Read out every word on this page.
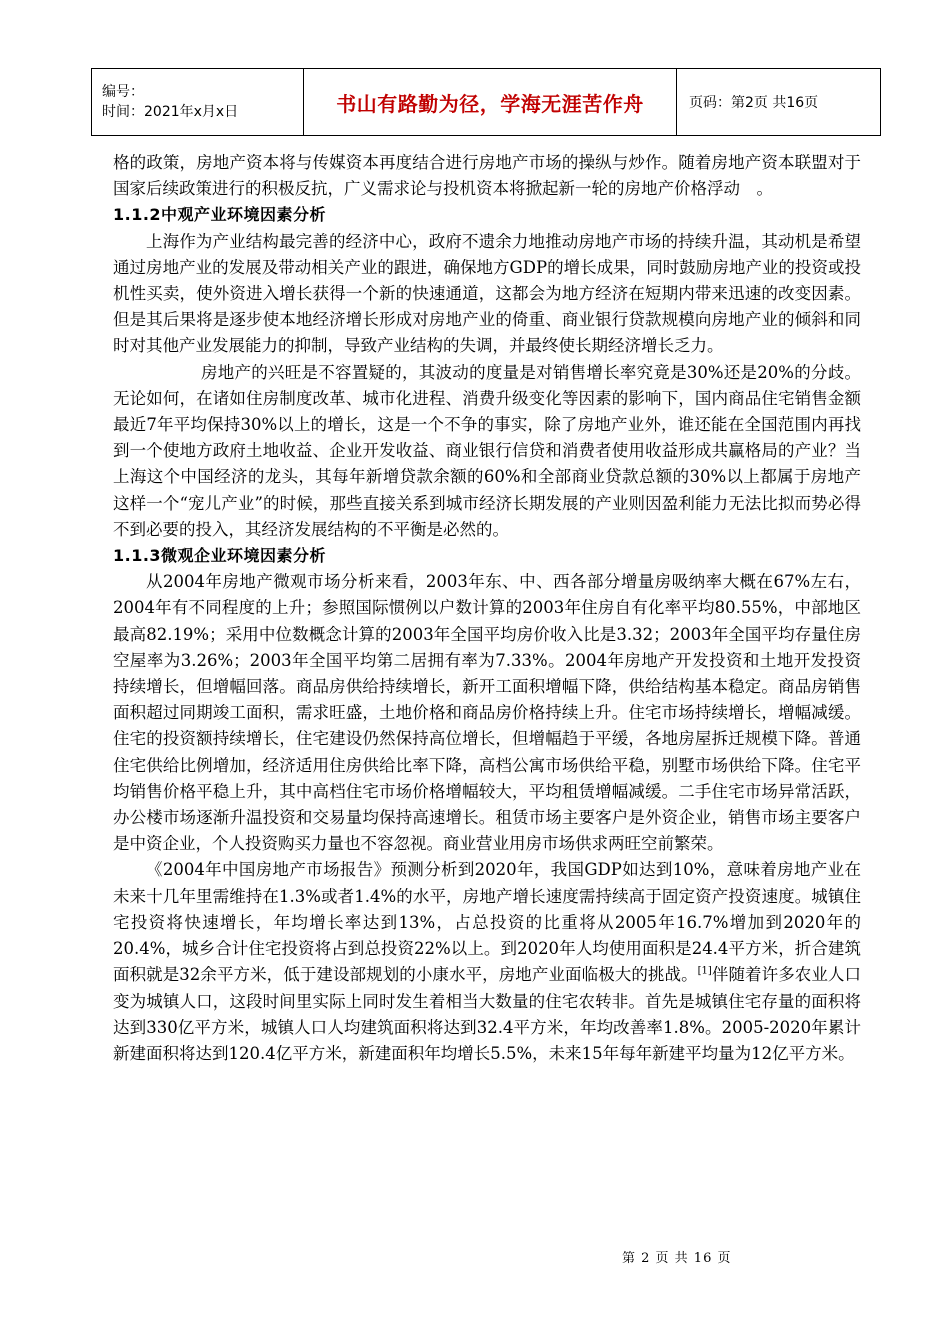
编号：
时间：2021年x月x日	书山有路勤为径，学海无涯苦作舟	页码：第2页 共16页

格的政策，房地产资本将与传媒资本再度结合进行房地产市场的操纵与炒作。随着房地产资本联盟对于国家后续政策进行的积极反抗，广义需求论与投机资本将掀起新一轮的房地产价格浮动　。

1.1.2中观产业环境因素分析

上海作为产业结构最完善的经济中心，政府不遗余力地推动房地产市场的持续升温，其动机是希望通过房地产业的发展及带动相关产业的跟进，确保地方GDP的增长成果，同时鼓励房地产业的投资或投机性买卖，使外资进入增长获得一个新的快速通道，这都会为地方经济在短期内带来迅速的改变因素。但是其后果将是逐步使本地经济增长形成对房地产业的倚重、商业银行贷款规模向房地产业的倾斜和同时对其他产业发展能力的抑制，导致产业结构的失调，并最终使长期经济增长乏力。

房地产的兴旺是不容置疑的，其波动的度量是对销售增长率究竟是30%还是20%的分歧。无论如何，在诸如住房制度改革、城市化进程、消费升级变化等因素的影响下，国内商品住宅销售金额最近7年平均保持30%以上的增长，这是一个不争的事实，除了房地产业外，谁还能在全国范围内再找到一个使地方政府土地收益、企业开发收益、商业银行信贷和消费者使用收益形成共赢格局的产业？当上海这个中国经济的龙头，其每年新增贷款余额的60%和全部商业贷款总额的30%以上都属于房地产这样一个“宠儿产业”的时候，那些直接关系到城市经济长期发展的产业则因盈利能力无法比拟而势必得不到必要的投入，其经济发展结构的不平衡是必然的。

1.1.3微观企业环境因素分析

从2004年房地产微观市场分析来看，2003年东、中、西各部分增量房吸纳率大概在67%左右，2004年有不同程度的上升；参照国际惯例以户数计算的2003年住房自有化率平均80.55%，中部地区最高82.19%；采用中位数概念计算的2003年全国平均房价收入比是3.32；2003年全国平均存量住房空屋率为3.26%；2003年全国平均第二居拥有率为7.33%。2004年房地产开发投资和土地开发投资持续增长，但增幅回落。商品房供给持续增长，新开工面积增幅下降，供给结构基本稳定。商品房销售面积超过同期竣工面积，需求旺盛，土地价格和商品房价格持续上升。住宅市场持续增长，增幅减缓。住宅的投资额持续增长，住宅建设仍然保持高位增长，但增幅趋于平缓，各地房屋拆迁规模下降。普通住宅供给比例增加，经济适用住房供给比率下降，高档公寓市场供给平稳，别墅市场供给下降。住宅平均销售价格平稳上升，其中高档住宅市场价格增幅较大，平均租赁增幅减缓。二手住宅市场异常活跃，办公楼市场逐渐升温投资和交易量均保持高速增长。租赁市场主要客户是外资企业，销售市场主要客户是中资企业，个人投资购买力量也不容忽视。商业营业用房市场供求两旺空前繁荣。

《2004年中国房地产市场报告》预测分析到2020年，我国GDP如达到10%，意味着房地产业在未来十几年里需维持在1.3%或者1.4%的水平，房地产增长速度需持续高于固定资产投资速度。城镇住宅投资将快速增长，年均增长率达到13%，占总投资的比重将从2005年16.7%增加到2020年的20.4%，城乡合计住宅投资将占到总投资22%以上。到2020年人均使用面积是24.4平方米，折合建筑面积就是32余平方米，低于建设部规划的小康水平，房地产业面临极大的挑战。[1]伴随着许多农业人口变为城镇人口，这段时间里实际上同时发生着相当大数量的住宅农转非。首先是城镇住宅存量的面积将达到330亿平方米，城镇人口人均建筑面积将达到32.4平方米，年均改善率1.8%。2005-2020年累计新建面积将达到120.4亿平方米，新建面积年均增长5.5%，未来15年每年新建平均量为12亿平方米。

第 2 页 共 16 页
